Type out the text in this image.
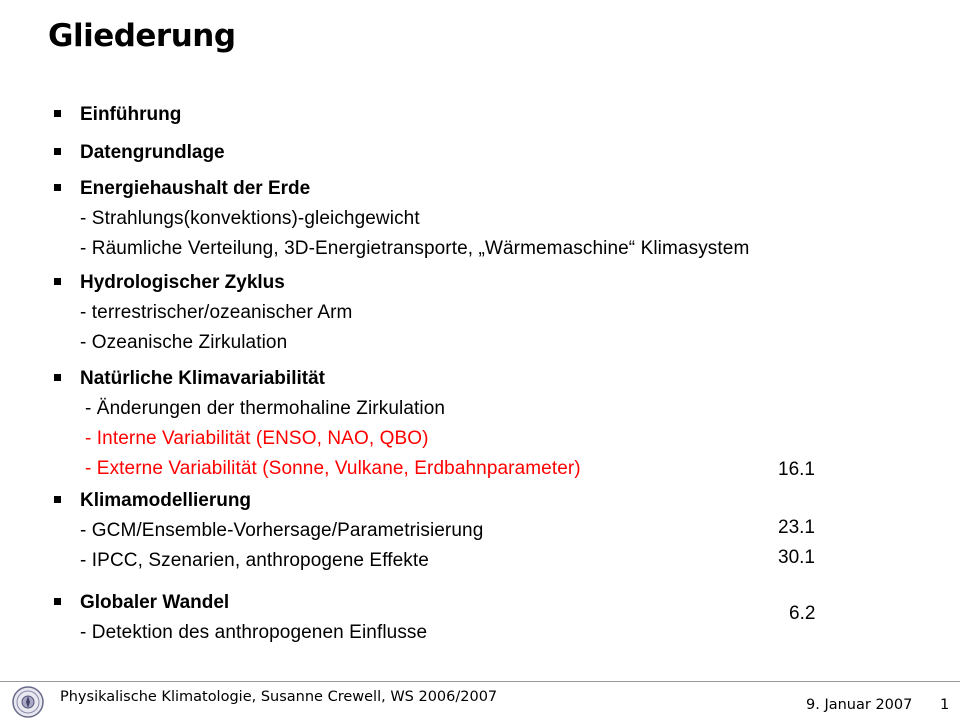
Gliederung
Einführung
Datengrundlage
Energiehaushalt der Erde
- Strahlungs(konvektions)-gleichgewicht
- Räumliche Verteilung, 3D-Energietransporte, „Wärmemaschine“ Klimasystem
Hydrologischer Zyklus
- terrestrischer/ozeanischer Arm
- Ozeanische Zirkulation
Natürliche Klimavariabilität
- Änderungen der thermohaline Zirkulation
- Interne Variabilität (ENSO, NAO, QBO)
- Externe Variabilität (Sonne, Vulkane, Erdbahnparameter)
Klimamodellierung
- GCM/Ensemble-Vorhersage/Parametrisierung
- IPCC, Szenarien, anthropogene Effekte
Globaler Wandel
- Detektion des anthropogenen Einflusse
16.1
23.1
30.1
6.2
Physikalische Klimatologie, Susanne Crewell, WS 2006/2007	9. Januar 2007 1
